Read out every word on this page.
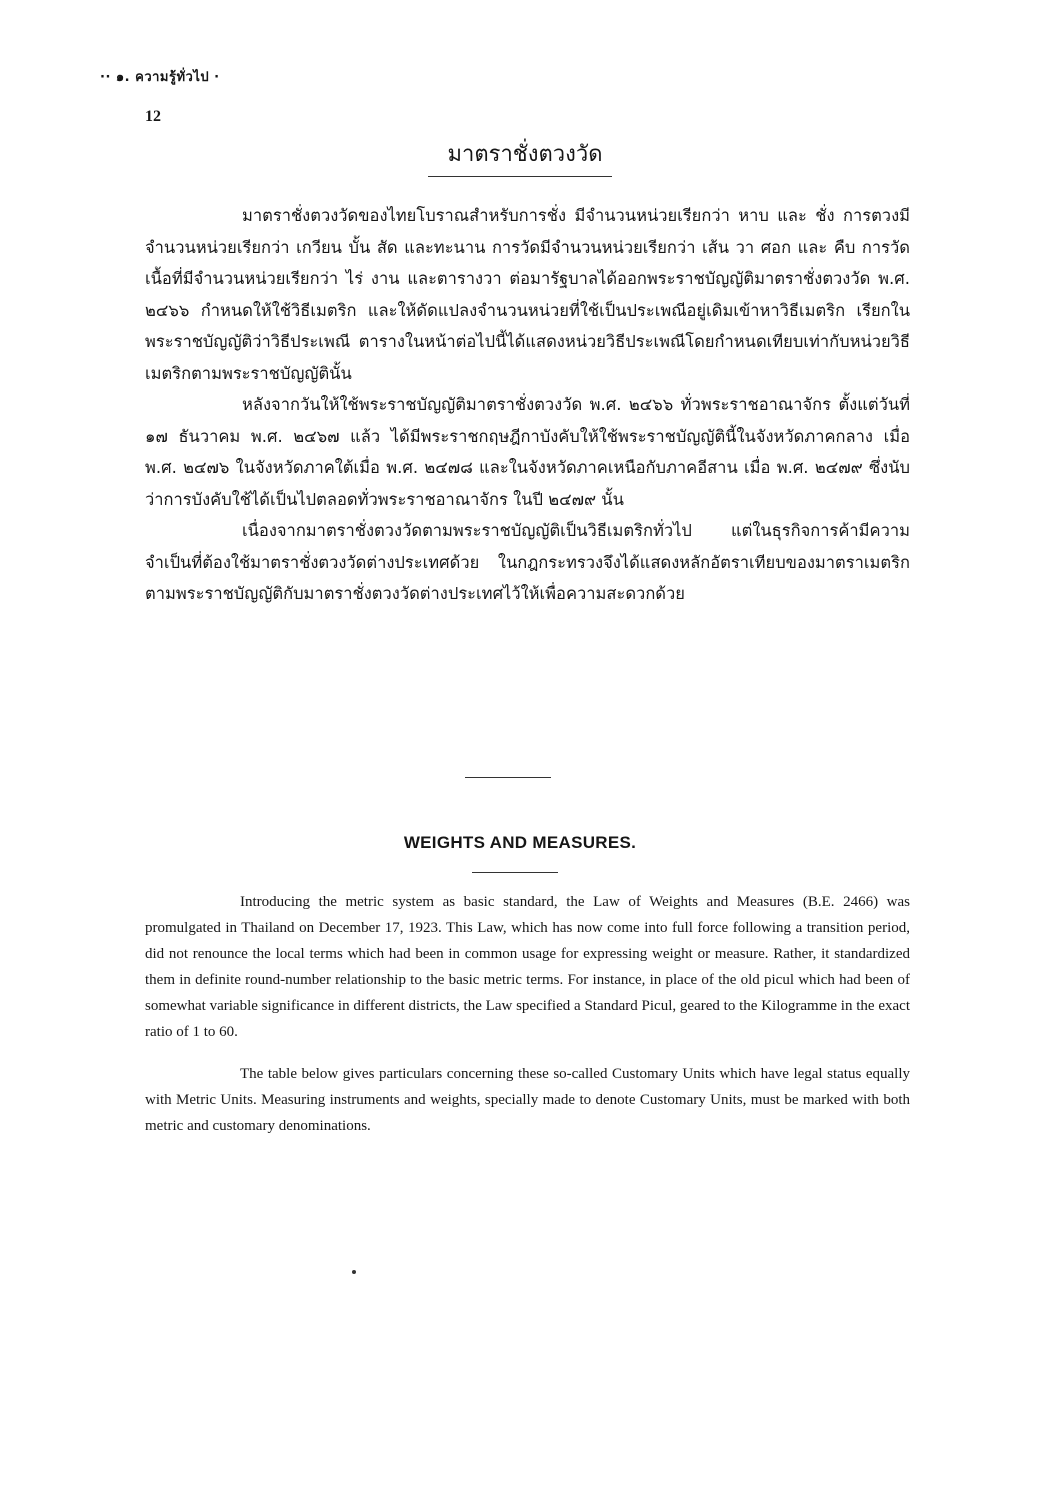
·· ๑. ความรู้ทั่วไป ·
12
มาตราชั่งตวงวัด

มาตราชั่งตวงวัดของไทยโบราณสำหรับการชั่ง มีจำนวนหน่วยเรียกว่า หาบ และ ชั่ง การตวงมีจำนวนหน่วยเรียกว่า เกวียน บั้น สัด และทะนาน การวัดมีจำนวนหน่วยเรียกว่า เส้น วา ศอก และ คืบ การวัดเนื้อที่มีจำนวนหน่วยเรียกว่า ไร่ งาน และตารางวา ต่อมารัฐบาลได้ออกพระราชบัญญัติมาตราชั่งตวงวัด พ.ศ. ๒๔๖๖ กำหนดให้ใช้วิธีเมตริก และให้ดัดแปลงจำนวนหน่วยที่ใช้เป็นประเพณีอยู่เดิมเข้าหาวิธีเมตริก เรียกในพระราชบัญญัติว่าวิธีประเพณี ตารางในหน้าต่อไปนี้ได้แสดงหน่วยวิธีประเพณีโดยกำหนดเทียบเท่ากับหน่วยวิธีเมตริกตามพระราชบัญญัตินั้น

หลังจากวันให้ใช้พระราชบัญญัติมาตราชั่งตวงวัด พ.ศ. ๒๔๖๖ ทั่วพระราชอาณาจักร ตั้งแต่วันที่ ๑๗ ธันวาคม พ.ศ. ๒๔๖๗ แล้ว ได้มีพระราชกฤษฎีกาบังคับให้ใช้พระราชบัญญัตินี้ในจังหวัดภาคกลาง เมื่อ พ.ศ. ๒๔๗๖ ในจังหวัดภาคใต้เมื่อ พ.ศ. ๒๔๗๘ และในจังหวัดภาคเหนือกับภาคอีสาน เมื่อ พ.ศ. ๒๔๗๙ ซึ่งนับว่าการบังคับใช้ได้เป็นไปตลอดทั่วพระราชอาณาจักร ในปี ๒๔๗๙ นั้น

เนื่องจากมาตราชั่งตวงวัดตามพระราชบัญญัติเป็นวิธีเมตริกทั่วไป แต่ในธุรกิจการค้ามีความจำเป็นที่ต้องใช้มาตราชั่งตวงวัดต่างประเทศด้วย ในกฎกระทรวงจึงได้แสดงหลักอัตราเทียบของมาตราเมตริกตามพระราชบัญญัติกับมาตราชั่งตวงวัดต่างประเทศไว้ให้เพื่อความสะดวกด้วย

WEIGHTS AND MEASURES.

Introducing the metric system as basic standard, the Law of Weights and Measures (B.E. 2466) was promulgated in Thailand on December 17, 1923. This Law, which has now come into full force following a transition period, did not renounce the local terms which had been in common usage for expressing weight or measure. Rather, it standardized them in definite round-number relationship to the basic metric terms. For instance, in place of the old picul which had been of somewhat variable significance in different districts, the Law specified a Standard Picul, geared to the Kilogramme in the exact ratio of 1 to 60.

The table below gives particulars concerning these so-called Customary Units which have legal status equally with Metric Units. Measuring instruments and weights, specially made to denote Customary Units, must be marked with both metric and customary denominations.
